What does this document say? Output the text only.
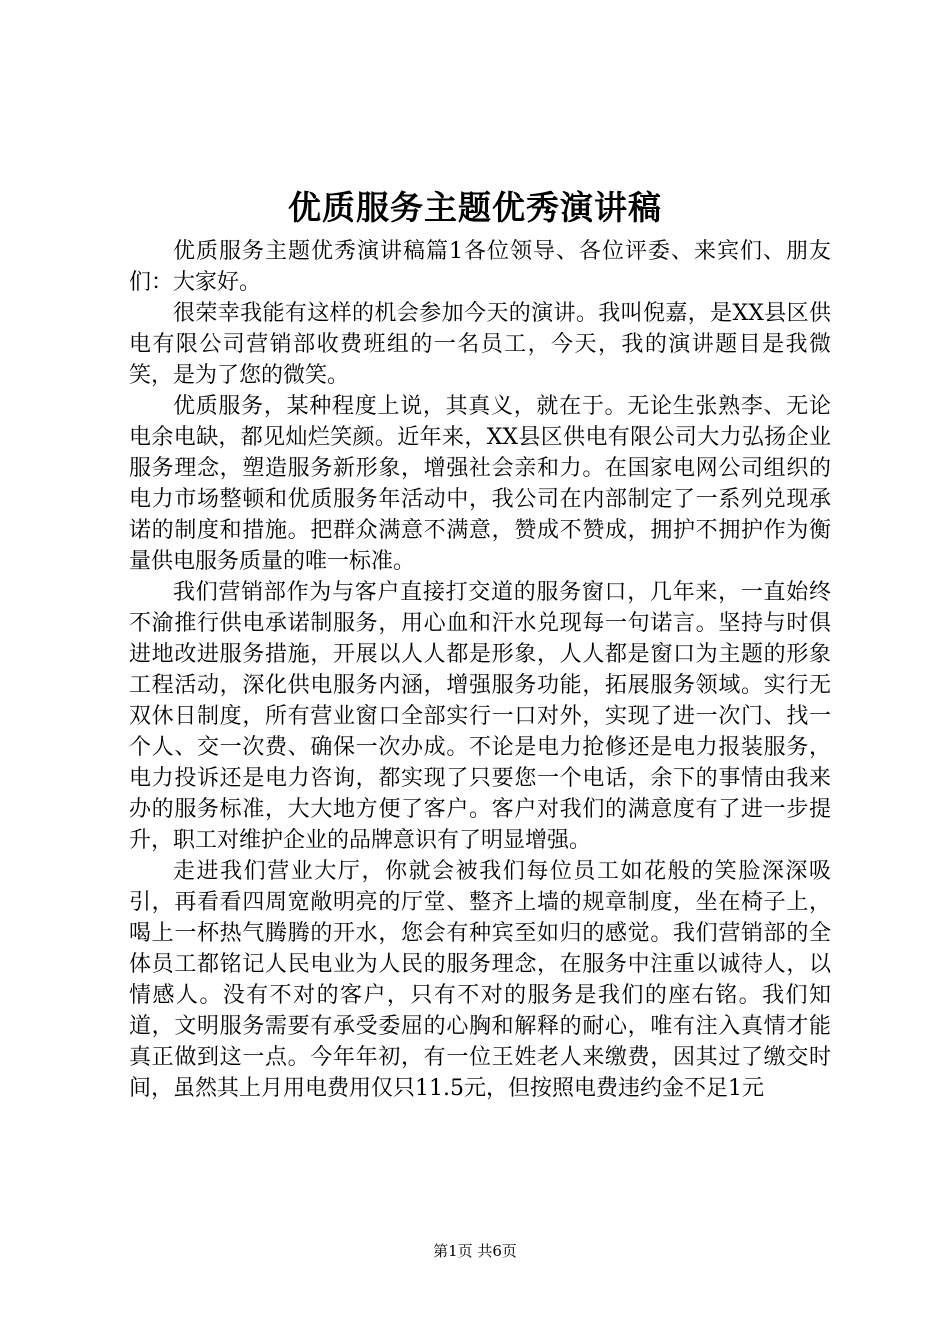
优质服务主题优秀演讲稿

优质服务主题优秀演讲稿篇1各位领导、各位评委、来宾们、朋友们：大家好。

很荣幸我能有这样的机会参加今天的演讲。我叫倪嘉，是XX县区供电有限公司营销部收费班组的一名员工，今天，我的演讲题目是我微笑，是为了您的微笑。

优质服务，某种程度上说，其真义，就在于。无论生张熟李、无论电余电缺，都见灿烂笑颜。近年来，XX县区供电有限公司大力弘扬企业服务理念，塑造服务新形象，增强社会亲和力。在国家电网公司组织的电力市场整顿和优质服务年活动中，我公司在内部制定了一系列兑现承诺的制度和措施。把群众满意不满意，赞成不赞成，拥护不拥护作为衡量供电服务质量的唯一标准。

我们营销部作为与客户直接打交道的服务窗口，几年来，一直始终不渝推行供电承诺制服务，用心血和汗水兑现每一句诺言。坚持与时俱进地改进服务措施，开展以人人都是形象，人人都是窗口为主题的形象工程活动，深化供电服务内涵，增强服务功能，拓展服务领域。实行无双休日制度，所有营业窗口全部实行一口对外，实现了进一次门、找一个人、交一次费、确保一次办成。不论是电力抢修还是电力报装服务，电力投诉还是电力咨询，都实现了只要您一个电话，余下的事情由我来办的服务标准，大大地方便了客户。客户对我们的满意度有了进一步提升，职工对维护企业的品牌意识有了明显增强。

走进我们营业大厅，你就会被我们每位员工如花般的笑脸深深吸引，再看看四周宽敞明亮的厅堂、整齐上墙的规章制度，坐在椅子上，喝上一杯热气腾腾的开水，您会有种宾至如归的感觉。我们营销部的全体员工都铭记人民电业为人民的服务理念，在服务中注重以诚待人，以情感人。没有不对的客户，只有不对的服务是我们的座右铭。我们知道，文明服务需要有承受委屈的心胸和解释的耐心，唯有注入真情才能真正做到这一点。今年年初，有一位王姓老人来缴费，因其过了缴交时间，虽然其上月用电费用仅只11.5元，但按照电费违约金不足1元

第1页 共6页
